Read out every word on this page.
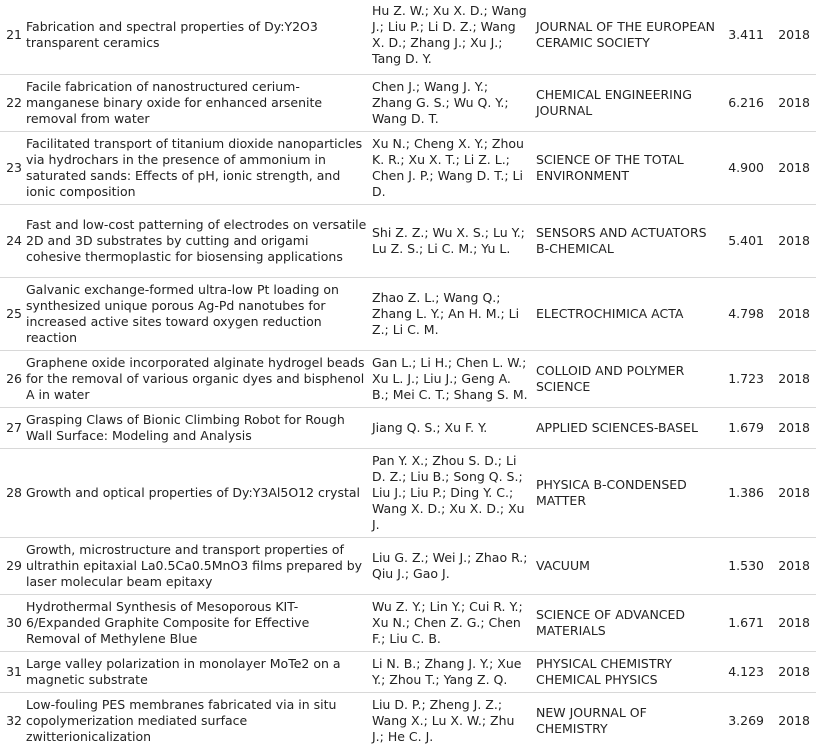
21	Fabrication and spectral properties of Dy:Y2O3 transparent ceramics	Hu Z. W.; Xu X. D.; Wang J.; Liu P.; Li D. Z.; Wang X. D.; Zhang J.; Xu J.; Tang D. Y.	JOURNAL OF THE EUROPEAN CERAMIC SOCIETY	3.411	2018
22	Facile fabrication of nanostructured cerium-manganese binary oxide for enhanced arsenite removal from water	Chen J.; Wang J. Y.; Zhang G. S.; Wu Q. Y.; Wang D. T.	CHEMICAL ENGINEERING JOURNAL	6.216	2018
23	Facilitated transport of titanium dioxide nanoparticles via hydrochars in the presence of ammonium in saturated sands: Effects of pH, ionic strength, and ionic composition	Xu N.; Cheng X. Y.; Zhou K. R.; Xu X. T.; Li Z. L.; Chen J. P.; Wang D. T.; Li D.	SCIENCE OF THE TOTAL ENVIRONMENT	4.900	2018
24	Fast and low-cost patterning of electrodes on versatile 2D and 3D substrates by cutting and origami cohesive thermoplastic for biosensing applications	Shi Z. Z.; Wu X. S.; Lu Y.; Lu Z. S.; Li C. M.; Yu L.	SENSORS AND ACTUATORS B-CHEMICAL	5.401	2018
25	Galvanic exchange-formed ultra-low Pt loading on synthesized unique porous Ag-Pd nanotubes for increased active sites toward oxygen reduction reaction	Zhao Z. L.; Wang Q.; Zhang L. Y.; An H. M.; Li Z.; Li C. M.	ELECTROCHIMICA ACTA	4.798	2018
26	Graphene oxide incorporated alginate hydrogel beads for the removal of various organic dyes and bisphenol A in water	Gan L.; Li H.; Chen L. W.; Xu L. J.; Liu J.; Geng A. B.; Mei C. T.; Shang S. M.	COLLOID AND POLYMER SCIENCE	1.723	2018
27	Grasping Claws of Bionic Climbing Robot for Rough Wall Surface: Modeling and Analysis	Jiang Q. S.; Xu F. Y.	APPLIED SCIENCES-BASEL	1.679	2018
28	Growth and optical properties of Dy:Y3Al5O12 crystal	Pan Y. X.; Zhou S. D.; Li D. Z.; Liu B.; Song Q. S.; Liu J.; Liu P.; Ding Y. C.; Wang X. D.; Xu X. D.; Xu J.	PHYSICA B-CONDENSED MATTER	1.386	2018
29	Growth, microstructure and transport properties of ultrathin epitaxial La0.5Ca0.5MnO3 films prepared by laser molecular beam epitaxy	Liu G. Z.; Wei J.; Zhao R.; Qiu J.; Gao J.	VACUUM	1.530	2018
30	Hydrothermal Synthesis of Mesoporous KIT-6/Expanded Graphite Composite for Effective Removal of Methylene Blue	Wu Z. Y.; Lin Y.; Cui R. Y.; Xu N.; Chen Z. G.; Chen F.; Liu C. B.	SCIENCE OF ADVANCED MATERIALS	1.671	2018
31	Large valley polarization in monolayer MoTe2 on a magnetic substrate	Li N. B.; Zhang J. Y.; Xue Y.; Zhou T.; Yang Z. Q.	PHYSICAL CHEMISTRY CHEMICAL PHYSICS	4.123	2018
32	Low-fouling PES membranes fabricated via in situ copolymerization mediated surface zwitterionicalization	Liu D. P.; Zheng J. Z.; Wang X.; Lu X. W.; Zhu J.; He C. J.	NEW JOURNAL OF CHEMISTRY	3.269	2018
